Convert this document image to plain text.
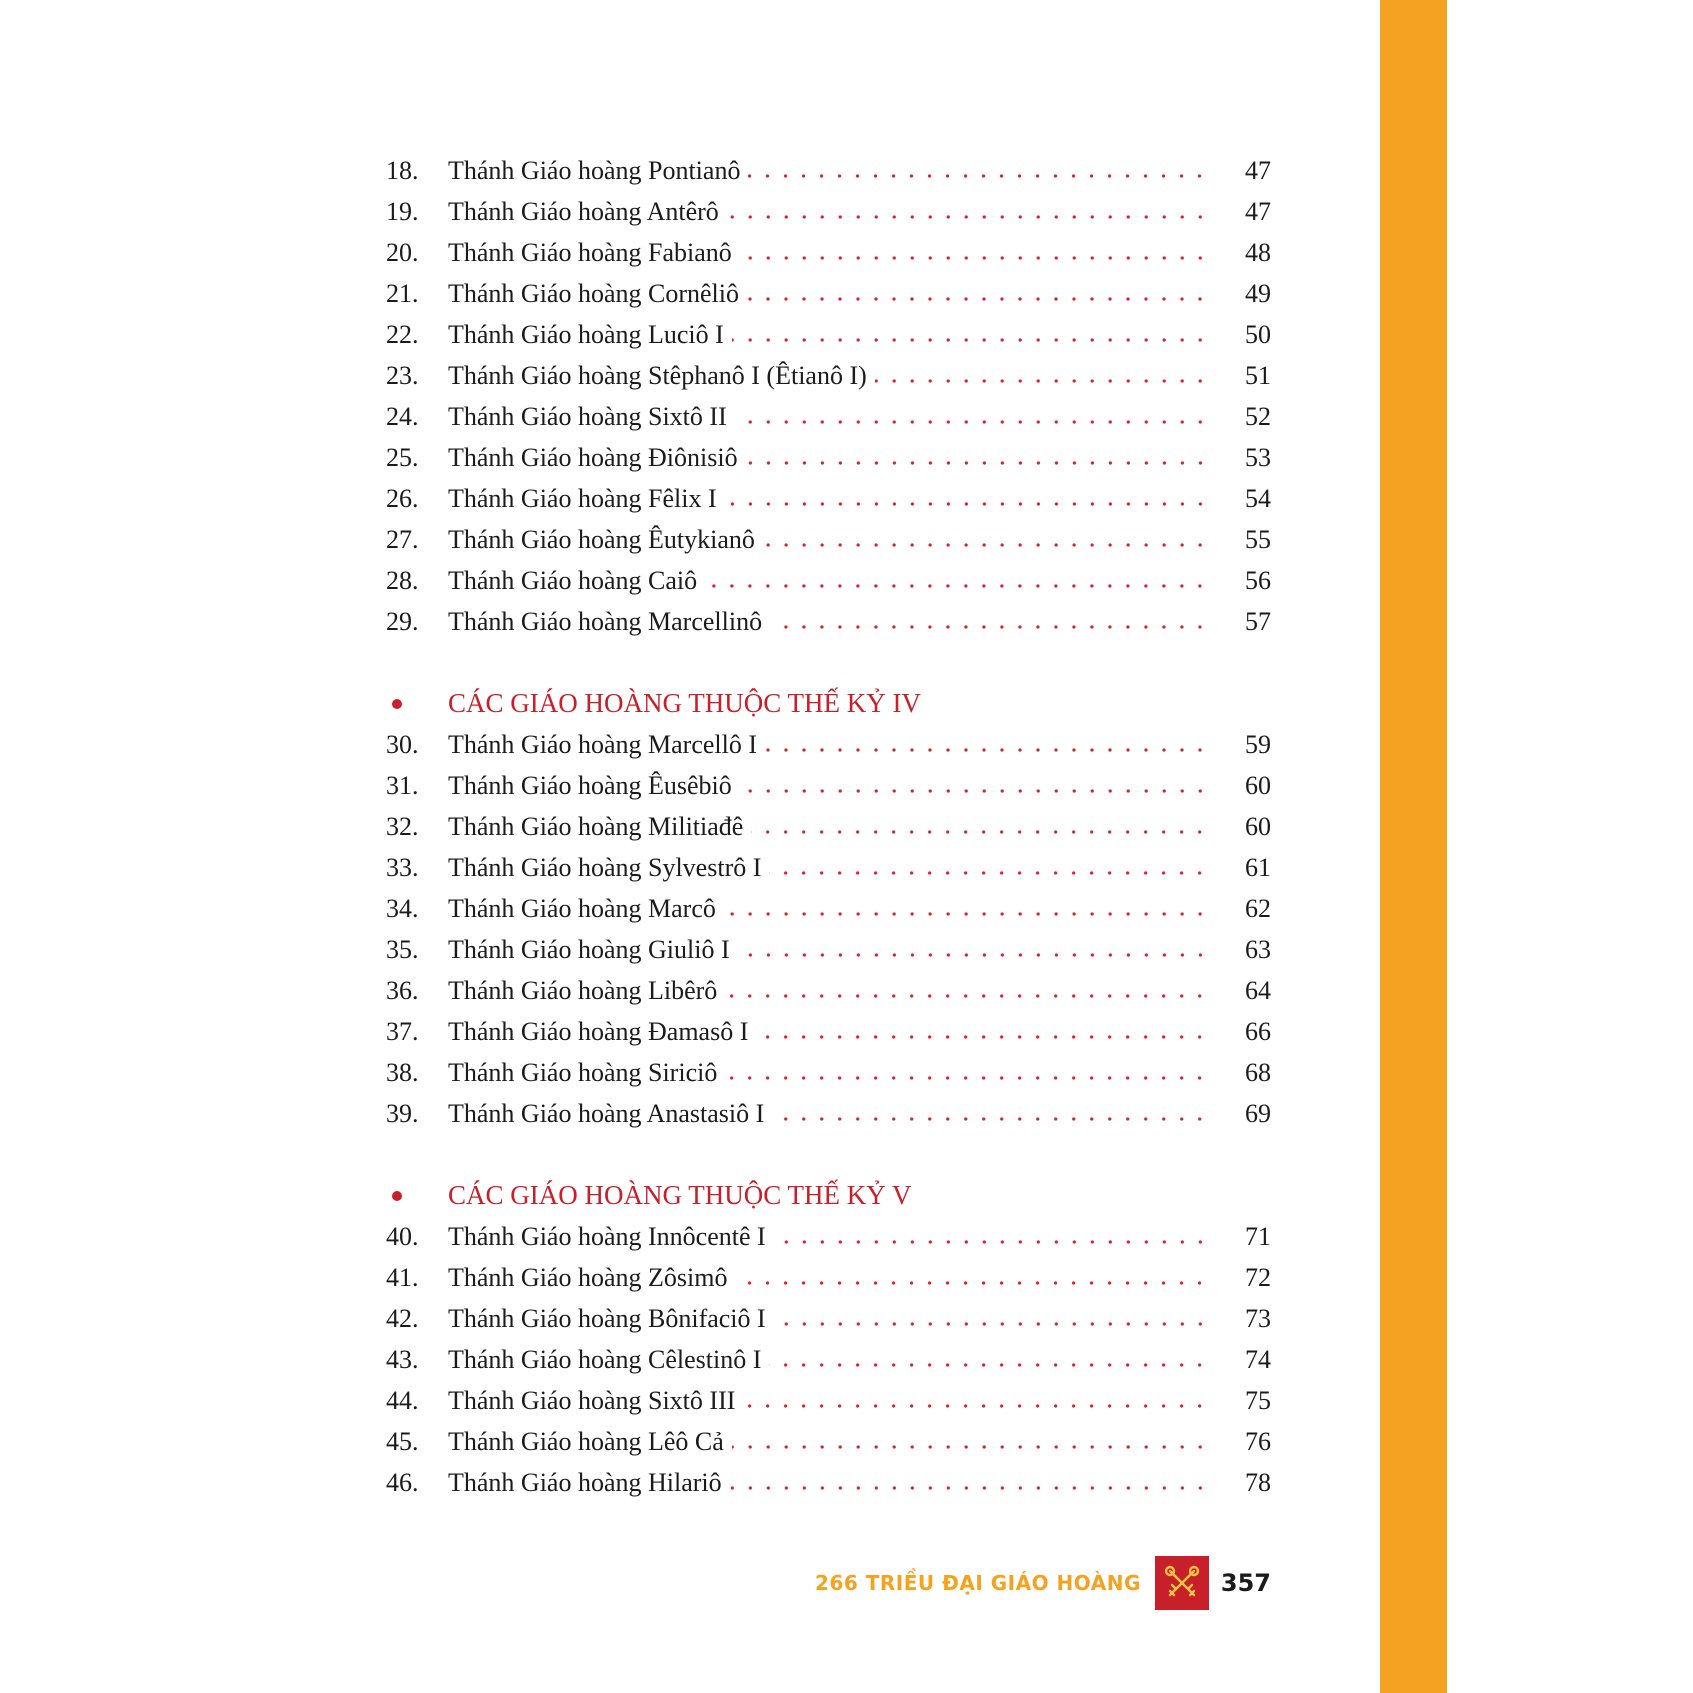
18.	Thánh Giáo hoàng Pontianô	47
19.	Thánh Giáo hoàng Antêrô	47
20.	Thánh Giáo hoàng Fabianô	48
21.	Thánh Giáo hoàng Cornêliô	49
22.	Thánh Giáo hoàng Luciô I	50
23.	Thánh Giáo hoàng Stêphanô I (Êtianô I)	51
24.	Thánh Giáo hoàng Sixtô II	52
25.	Thánh Giáo hoàng Điônisiô	53
26.	Thánh Giáo hoàng Fêlix I	54
27.	Thánh Giáo hoàng Êutykianô	55
28.	Thánh Giáo hoàng Caiô	56
29.	Thánh Giáo hoàng Marcellinô	57
CÁC GIÁO HOÀNG THUỘC THẾ KỶ IV
30.	Thánh Giáo hoàng Marcellô I	59
31.	Thánh Giáo hoàng Êusêbiô	60
32.	Thánh Giáo hoàng Militiađê	60
33.	Thánh Giáo hoàng Sylvestrô I	61
34.	Thánh Giáo hoàng Marcô	62
35.	Thánh Giáo hoàng Giuliô I	63
36.	Thánh Giáo hoàng Libêrô	64
37.	Thánh Giáo hoàng Đamasô I	66
38.	Thánh Giáo hoàng Siriciô	68
39.	Thánh Giáo hoàng Anastasiô I	69
CÁC GIÁO HOÀNG THUỘC THẾ KỶ V
40.	Thánh Giáo hoàng Innôcentê I	71
41.	Thánh Giáo hoàng Zôsimô	72
42.	Thánh Giáo hoàng Bônifaciô I	73
43.	Thánh Giáo hoàng Cêlestinô I	74
44.	Thánh Giáo hoàng Sixtô III	75
45.	Thánh Giáo hoàng Lêô Cả	76
46.	Thánh Giáo hoàng Hilariô	78
266 TRIỀU ĐẠI GIÁO HOÀNG	357
